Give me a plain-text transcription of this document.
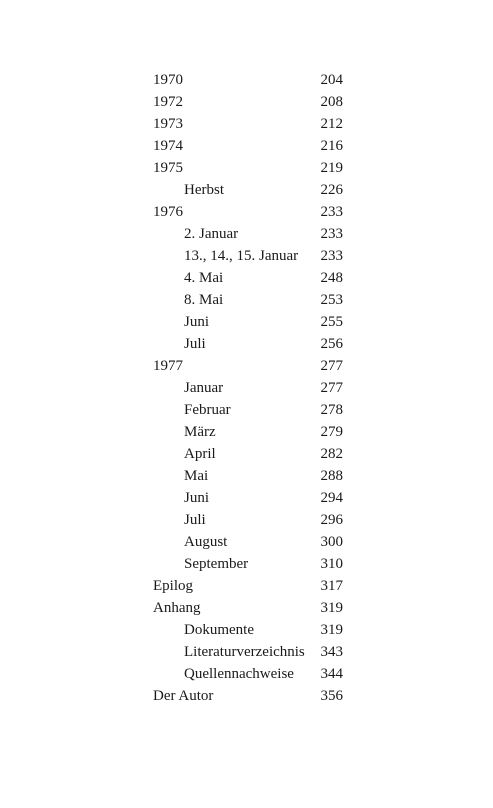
1970	204
1972	208
1973	212
1974	216
1975	219
Herbst	226
1976	233
2. Januar	233
13., 14., 15. Januar 233
4. Mai	248
8. Mai	253
Juni	255
Juli	256
1977	277
Januar	277
Februar	278
März	279
April	282
Mai	288
Juni	294
Juli	296
August	300
September	310
Epilog	317
Anhang	319
Dokumente	319
Literaturverzeichnis 343
Quellennachweise 344
Der Autor	356
